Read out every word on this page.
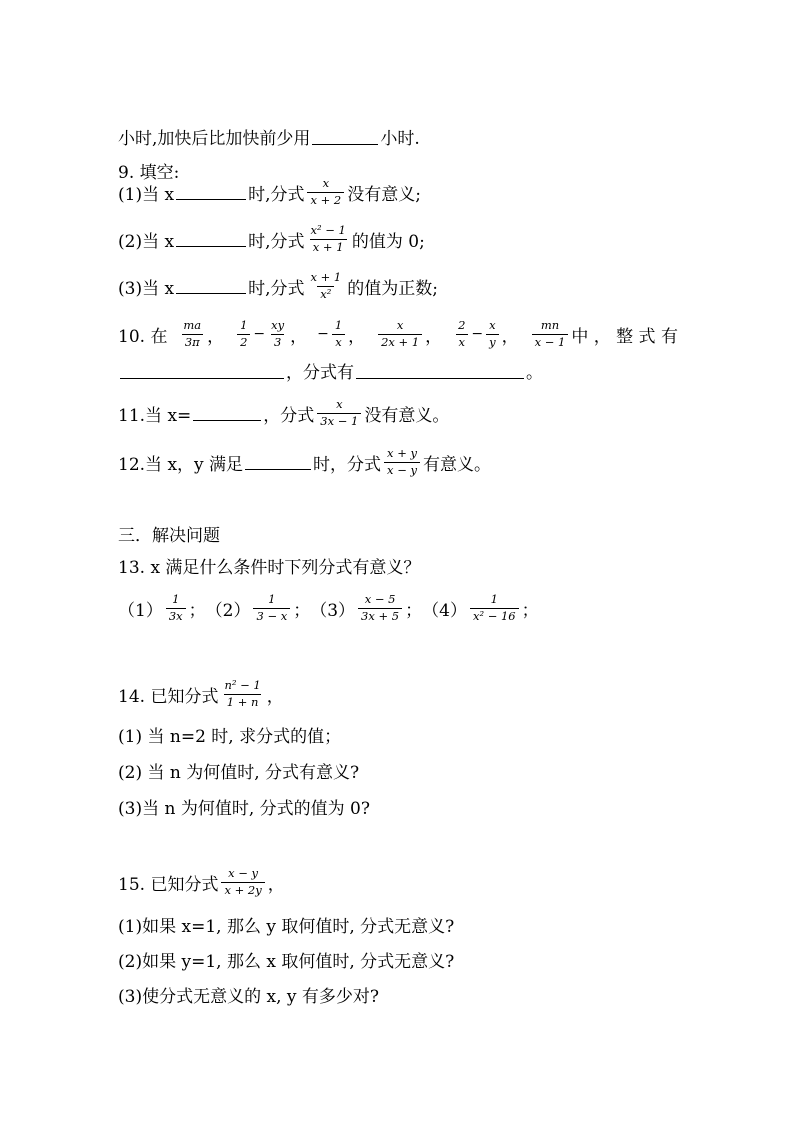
小时,加快后比加快前少用	小时.
9. 填空:
(1)当 x	时,分式 $\frac{x}{x + 2}$ 没有意义;
(2)当 x	时,分式 $\frac{\text{x² − 1}}{x + 1}$ 的值为 0;
(3)当 x	时,分式 $\frac{x + 1}{\text{x²}}$ 的值为正数;
10. 在 $\frac{ma}{3\pi}$ ， $\frac{1}{2} - \frac{xy}{3}$ ， − $\frac{1}{x}$ ， $\frac{x}{2x + 1}$ ， $\frac{2}{x} - \frac{x}{y}$ ， $\frac{mn}{x - 1}$ 中 ， 整 式 有
，分式有	。
11.当 x=	，分式 $\frac{x}{3x - 1}$ 没有意义。
12.当 x，y 满足	时，分式 $\frac{x + y}{x - y}$ 有意义。
三．解决问题
13. x 满足什么条件时下列分式有意义？
$(1) \frac{1}{3x}$ ； $(2) \frac{1}{3 - x}$ ； $(3) \frac{x - 5}{3x + 5}$ ； $(4) \frac{1}{\text{x² − 16}}$ ；
14. 已知分式 $\frac{\text{n² − 1}}{1 + n}$ ，
(1) 当 n=2 时, 求分式的值；
(2) 当 n 为何值时, 分式有意义?
(3)当 n 为何值时, 分式的值为 0?
15. 已知分式 $\frac{x - y}{x + 2y}$ ，
(1)如果 x=1, 那么 y 取何值时, 分式无意义?
(2)如果 y=1, 那么 x 取何值时, 分式无意义?
(3)使分式无意义的 x, y 有多少对?
